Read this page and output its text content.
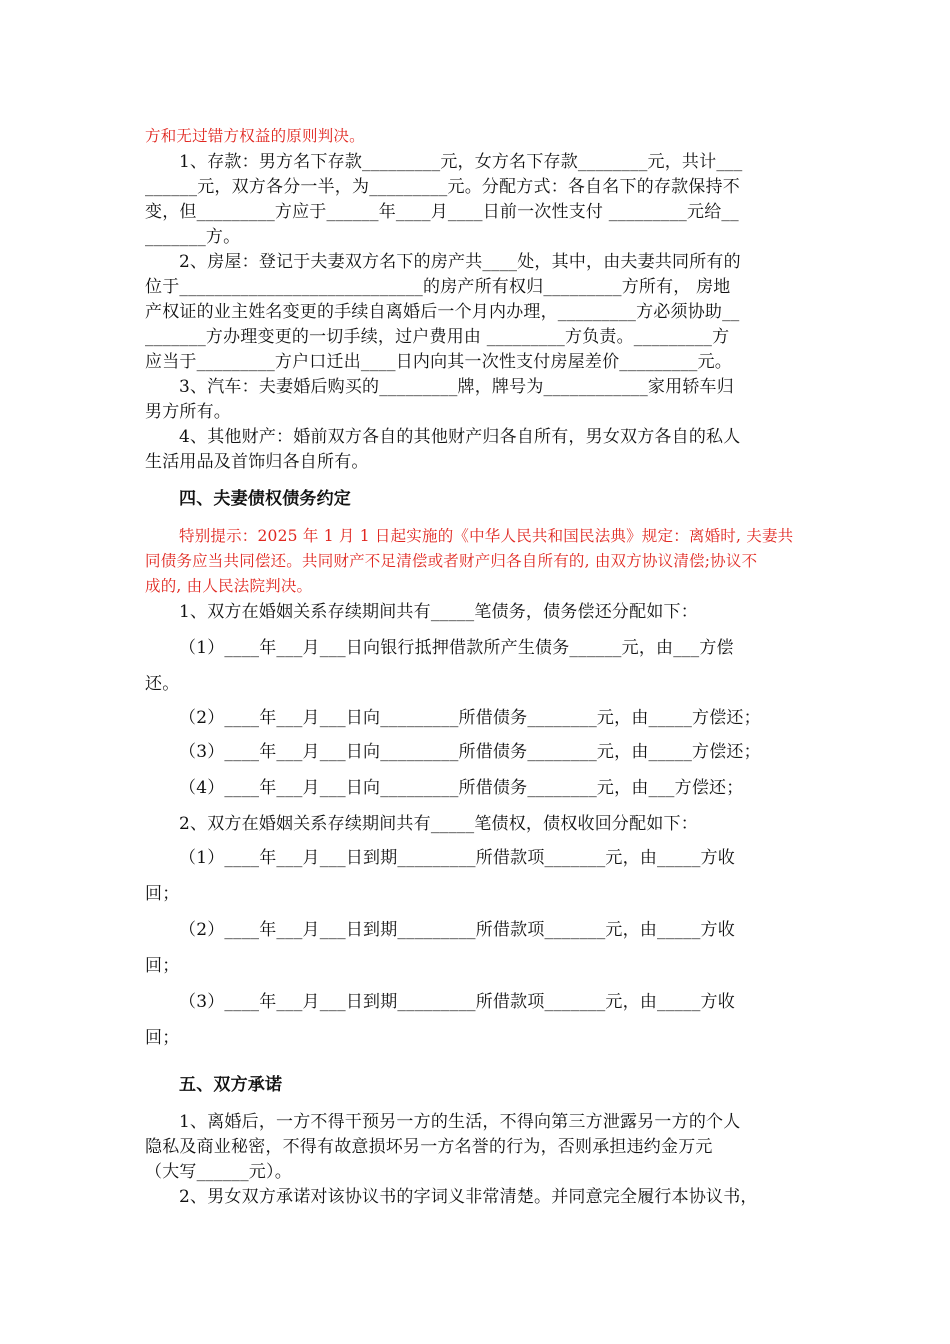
方和无过错方权益的原则判决。
1、存款：男方名下存款_________元，女方名下存款________元，共计___
______元，双方各分一半，为_________元。分配方式：各自名下的存款保持不
变，但_________方应于______年____月____日前一次性支付 _________元给__
_______方。
2、房屋：登记于夫妻双方名下的房产共____处，其中，由夫妻共同所有的
位于____________________________的房产所有权归_________方所有， 房地
产权证的业主姓名变更的手续自离婚后一个月内办理，_________方必须协助__
_______方办理变更的一切手续，过户费用由 _________方负责。_________方
应当于_________方户口迁出____日内向其一次性支付房屋差价_________元。
3、汽车：夫妻婚后购买的_________牌，牌号为____________家用轿车归
男方所有。
4、其他财产：婚前双方各自的其他财产归各自所有，男女双方各自的私人
生活用品及首饰归各自所有。
四、夫妻债权债务约定
特别提示：2025 年 1 月 1 日起实施的《中华人民共和国民法典》规定：离婚时, 夫妻共
同债务应当共同偿还。共同财产不足清偿或者财产归各自所有的, 由双方协议清偿;协议不
成的, 由人民法院判决。
1、双方在婚姻关系存续期间共有_____笔债务，债务偿还分配如下：
（1）____年___月___日向银行抵押借款所产生债务______元，由___方偿
还。
（2）____年___月___日向_________所借债务________元，由_____方偿还；
（3）____年___月___日向_________所借债务________元，由_____方偿还；
（4）____年___月___日向_________所借债务________元，由___方偿还；
2、双方在婚姻关系存续期间共有_____笔债权，债权收回分配如下：
（1）____年___月___日到期_________所借款项_______元，由_____方收
回；
（2）____年___月___日到期_________所借款项_______元，由_____方收
回；
（3）____年___月___日到期_________所借款项_______元，由_____方收
回；
五、双方承诺
1、离婚后，一方不得干预另一方的生活，不得向第三方泄露另一方的个人
隐私及商业秘密，不得有故意损坏另一方名誉的行为，否则承担违约金万元
（大写______元）。
2、男女双方承诺对该协议书的字词义非常清楚。并同意完全履行本协议书，
